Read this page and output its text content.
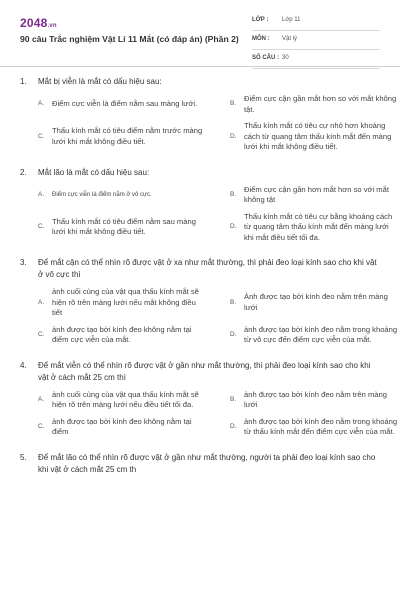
2048.vn
90 câu Trắc nghiệm Vật Lí 11 Mắt (có đáp án) (Phần 2)
LỚP : Lớp 11
MÔN : Vật lý
SỐ CÂU : 30
1. Mắt bị viễn là mắt có dấu hiệu sau:
A.	Điểm cực viễn là điểm nằm sau màng lưới.	B.
Điểm cực cận gần mắt hơn so với mắt không tật.
C.
Thấu kính mắt có tiêu điểm nằm trước màng lưới khi mắt không điều tiết.
D.
Thấu kính mắt có tiêu cự nhỏ hơn khoảng cách từ quang tâm thấu kính mắt đến màng lưới khi mắt không điều tiết.
2. Mắt lão là mắt có dấu hiệu sau:
A.	Điểm cực viễn là điểm nằm ở vô cực.	B.
Điểm cực cận gần hơn mắt hơn so với mắt không tật
C.
Thấu kính mắt có tiêu điểm nằm sau màng lưới khi mắt không điều tiết.
D.
Thấu kính mắt có tiêu cự bằng khoảng cách từ quang tâm thấu kính mắt đến màng lưới khi mắt điều tiết tối đa.
3. Để mắt cận có thể nhìn rõ được vật ở xa như mắt thường, thì phải đeo loại kính sao cho khi vật ở vô cực thì
A.
ảnh cuối cùng của vật qua thấu kính mắt sẽ hiện rõ trên màng lưới nếu mắt không điều tiết
B.
Ảnh được tạo bởi kính đeo nằm trên màng lưới
C.
ảnh được tạo bởi kính đeo không nằm tại điểm cực viễn của mắt.
D.
ảnh được tạo bởi kính đeo nằm trong khoảng từ vô cực đến điểm cực viễn của mắt.
4. Để mắt viễn có thể nhìn rõ được vật ở gần như mắt thường, thì phải đeo loại kính sao cho khi vật ở cách mắt 25 cm thì
A.
ảnh cuối cùng của vật qua thấu kính mắt sẽ hiện rõ trên màng lưới nếu điều tiết tối đa.
B.
ảnh được tạo bởi kính đeo nằm trên màng lưới
C.
ảnh được tạo bởi kính đeo không nằm tại điểm
D.
ảnh được tạo bởi kính đeo nằm trong khoảng từ thấu kính mắt đến điểm cực viễn của mắt.
5. Để mắt lão có thể nhìn rõ được vật ở gần như mắt thường, người ta phải đeo loại kính sao cho khi vật ở cách mắt 25 cm th
